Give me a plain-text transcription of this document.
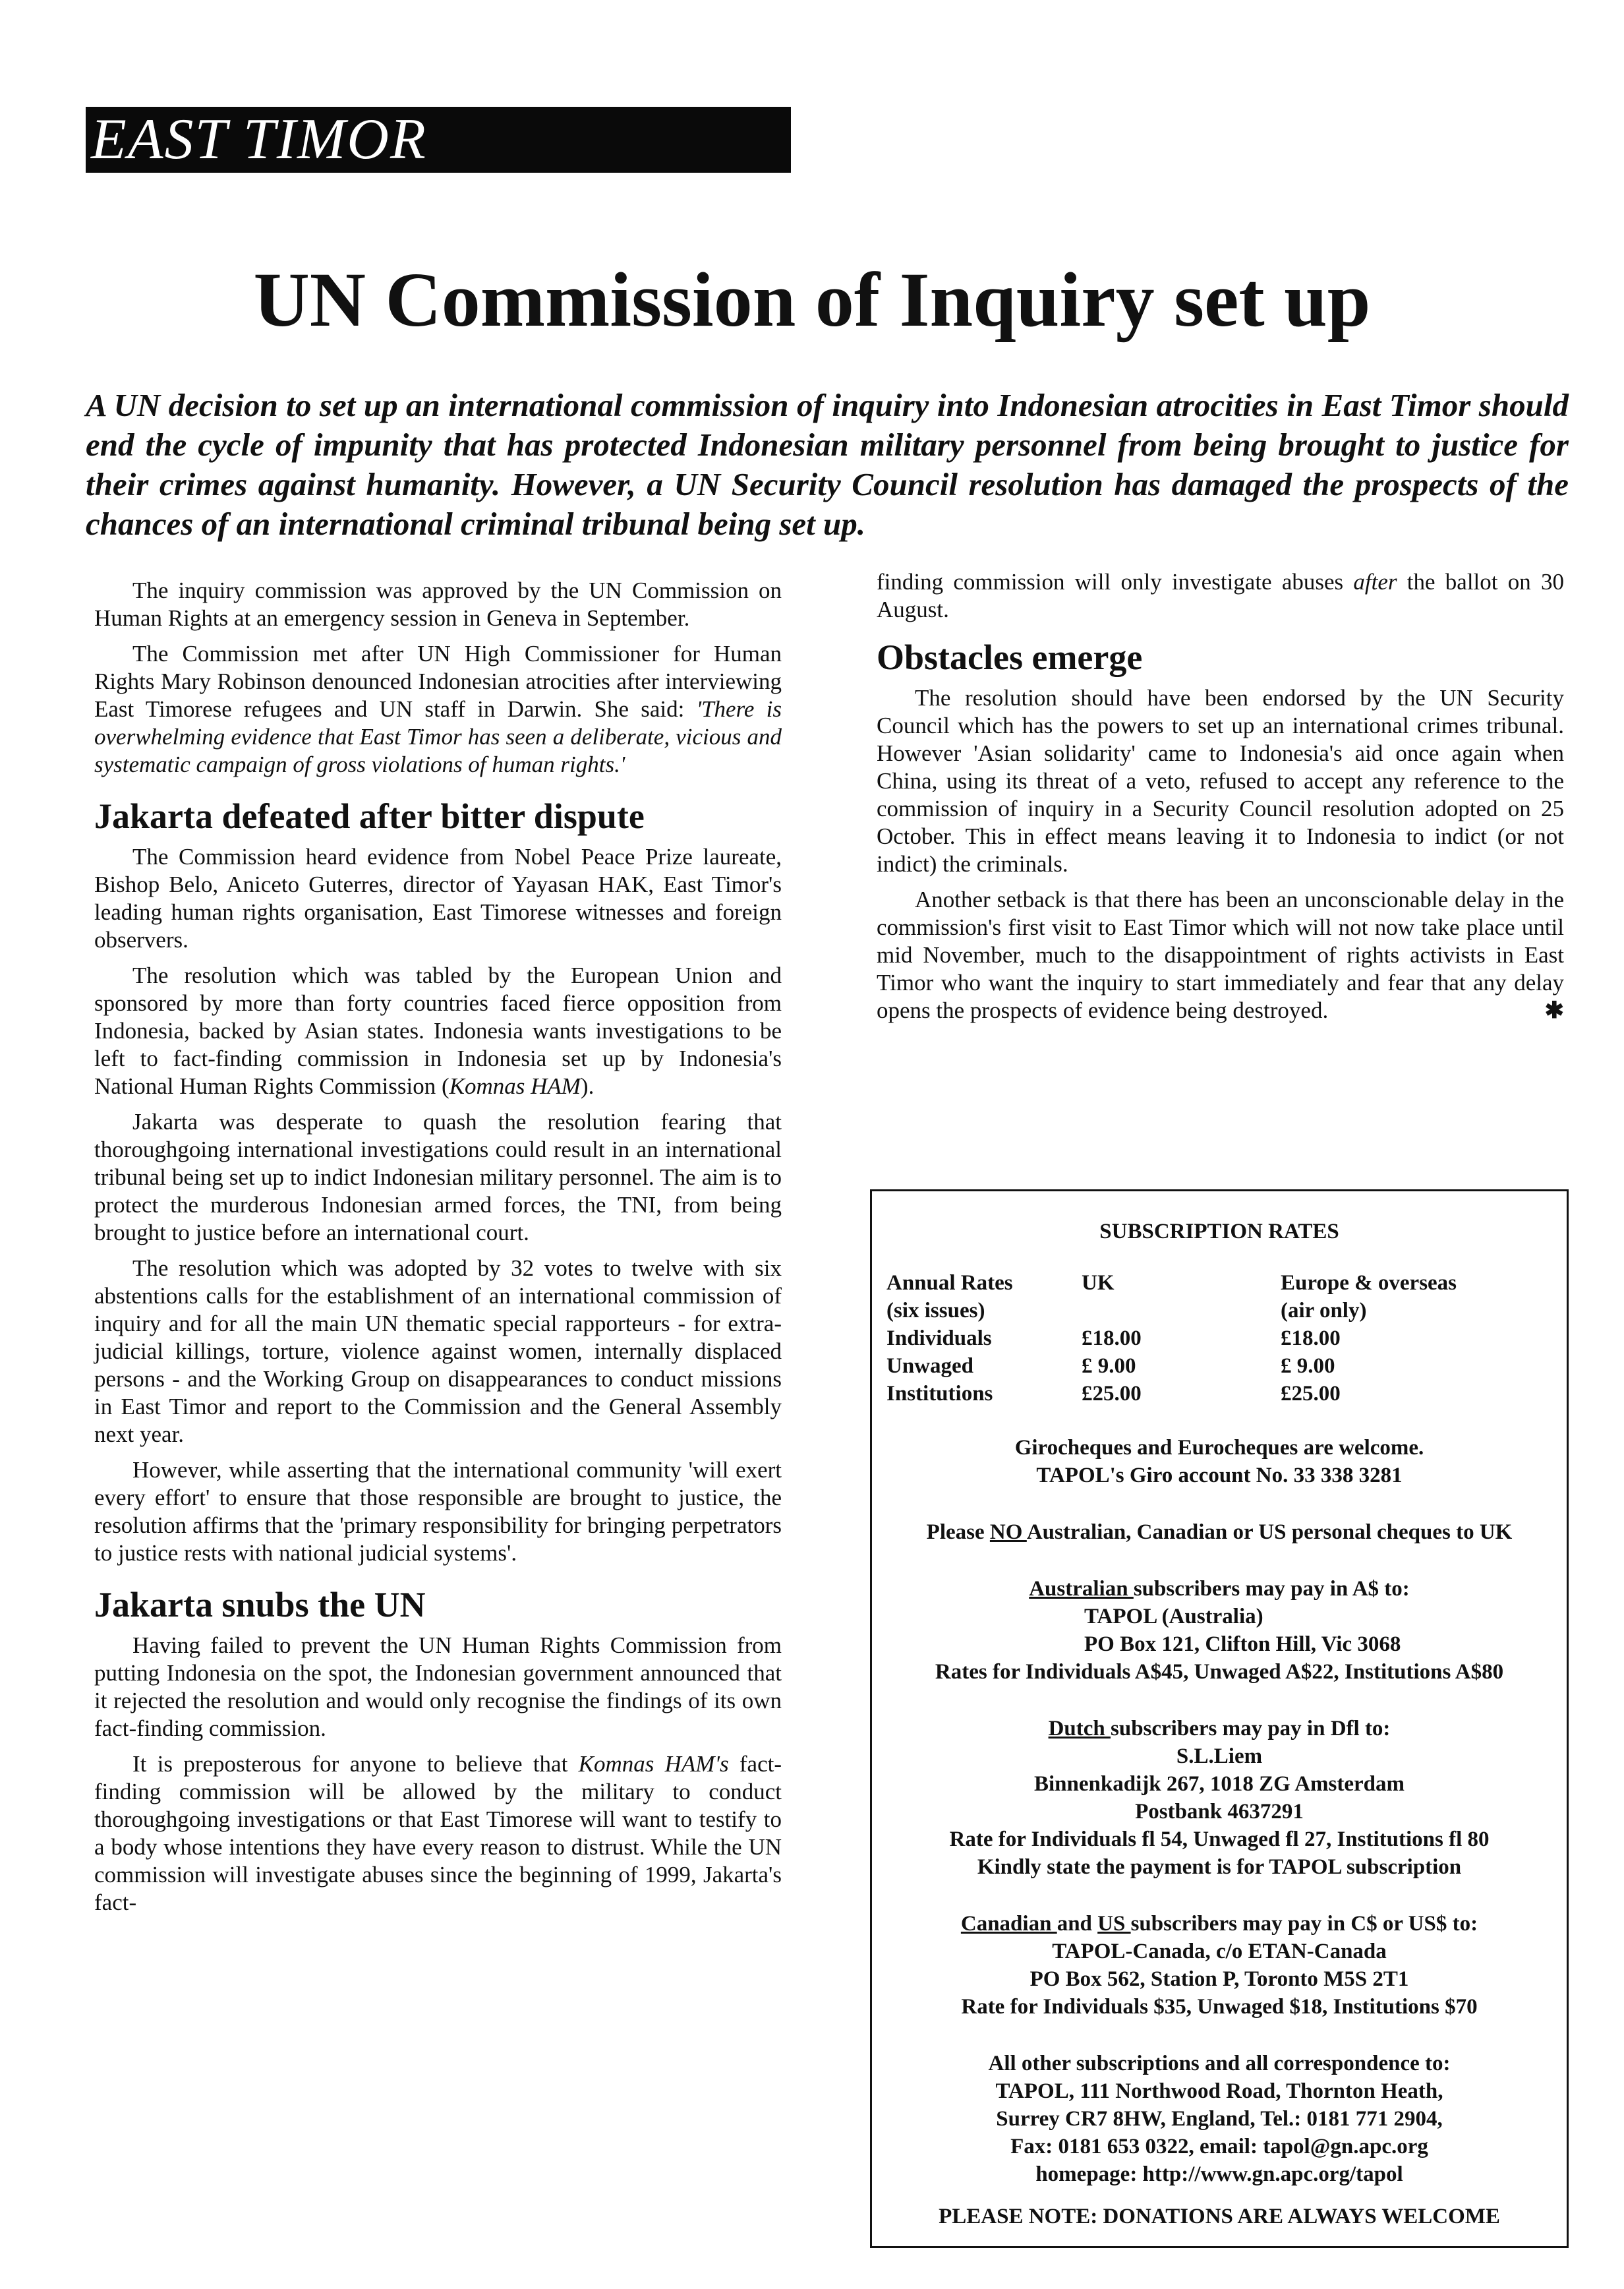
EAST TIMOR
UN Commission of Inquiry set up

A UN decision to set up an international commission of inquiry into Indonesian atrocities in East Timor should end the cycle of impunity that has protected Indonesian military personnel from being brought to justice for their crimes against humanity. However, a UN Security Council resolution has damaged the prospects of the chances of an international criminal tribunal being set up.

The inquiry commission was approved by the UN Commission on Human Rights at an emergency session in Geneva in September.

The Commission met after UN High Commissioner for Human Rights Mary Robinson denounced Indonesian atrocities after interviewing East Timorese refugees and UN staff in Darwin. She said: 'There is overwhelming evidence that East Timor has seen a deliberate, vicious and systematic campaign of gross violations of human rights.'

Jakarta defeated after bitter dispute

The Commission heard evidence from Nobel Peace Prize laureate, Bishop Belo, Aniceto Guterres, director of Yayasan HAK, East Timor's leading human rights organisation, East Timorese witnesses and foreign observers.

The resolution which was tabled by the European Union and sponsored by more than forty countries faced fierce opposition from Indonesia, backed by Asian states. Indonesia wants investigations to be left to fact-finding commission in Indonesia set up by Indonesia's National Human Rights Commission (Komnas HAM).

Jakarta was desperate to quash the resolution fearing that thoroughgoing international investigations could result in an international tribunal being set up to indict Indonesian military personnel. The aim is to protect the murderous Indonesian armed forces, the TNI, from being brought to justice before an international court.

The resolution which was adopted by 32 votes to twelve with six abstentions calls for the establishment of an international commission of inquiry and for all the main UN thematic special rapporteurs - for extra-judicial killings, torture, violence against women, internally displaced persons - and the Working Group on disappearances to conduct missions in East Timor and report to the Commission and the General Assembly next year.

However, while asserting that the international community 'will exert every effort' to ensure that those responsible are brought to justice, the resolution affirms that the 'primary responsibility for bringing perpetrators to justice rests with national judicial systems'.

Jakarta snubs the UN

Having failed to prevent the UN Human Rights Commission from putting Indonesia on the spot, the Indonesian government announced that it rejected the resolution and would only recognise the findings of its own fact-finding commission.

It is preposterous for anyone to believe that Komnas HAM's fact-finding commission will be allowed by the military to conduct thoroughgoing investigations or that East Timorese will want to testify to a body whose intentions they have every reason to distrust. While the UN commission will investigate abuses since the beginning of 1999, Jakarta's fact-

finding commission will only investigate abuses after the ballot on 30 August.

Obstacles emerge

The resolution should have been endorsed by the UN Security Council which has the powers to set up an international crimes tribunal. However 'Asian solidarity' came to Indonesia's aid once again when China, using its threat of a veto, refused to accept any reference to the commission of inquiry in a Security Council resolution adopted on 25 October. This in effect means leaving it to Indonesia to indict (or not indict) the criminals.

Another setback is that there has been an unconscionable delay in the commission's first visit to East Timor which will not now take place until mid November, much to the disappointment of rights activists in East Timor who want the inquiry to start immediately and fear that any delay opens the prospects of evidence being destroyed.	✱

SUBSCRIPTION RATES
Annual Rates	UK	Europe & overseas
(six issues)		(air only)
Individuals	£18.00	£18.00
Unwaged	£ 9.00	£ 9.00
Institutions	£25.00	£25.00
Girocheques and Eurocheques are welcome.
TAPOL's Giro account No. 33 338 3281
Please NO Australian, Canadian or US personal cheques to UK
Australian subscribers may pay in A$ to:
TAPOL (Australia)
PO Box 121, Clifton Hill, Vic 3068
Rates for Individuals A$45, Unwaged A$22, Institutions A$80
Dutch subscribers may pay in Dfl to:
S.L.Liem
Binnenkadijk 267, 1018 ZG Amsterdam
Postbank 4637291
Rate for Individuals fl 54, Unwaged fl 27, Institutions fl 80
Kindly state the payment is for TAPOL subscription
Canadian and US subscribers may pay in C$ or US$ to:
TAPOL-Canada, c/o ETAN-Canada
PO Box 562, Station P, Toronto M5S 2T1
Rate for Individuals $35, Unwaged $18, Institutions $70
All other subscriptions and all correspondence to:
TAPOL, 111 Northwood Road, Thornton Heath,
Surrey CR7 8HW, England, Tel.: 0181 771 2904,
Fax: 0181 653 0322, email: tapol@gn.apc.org
homepage: http://www.gn.apc.org/tapol
PLEASE NOTE: DONATIONS ARE ALWAYS WELCOME
